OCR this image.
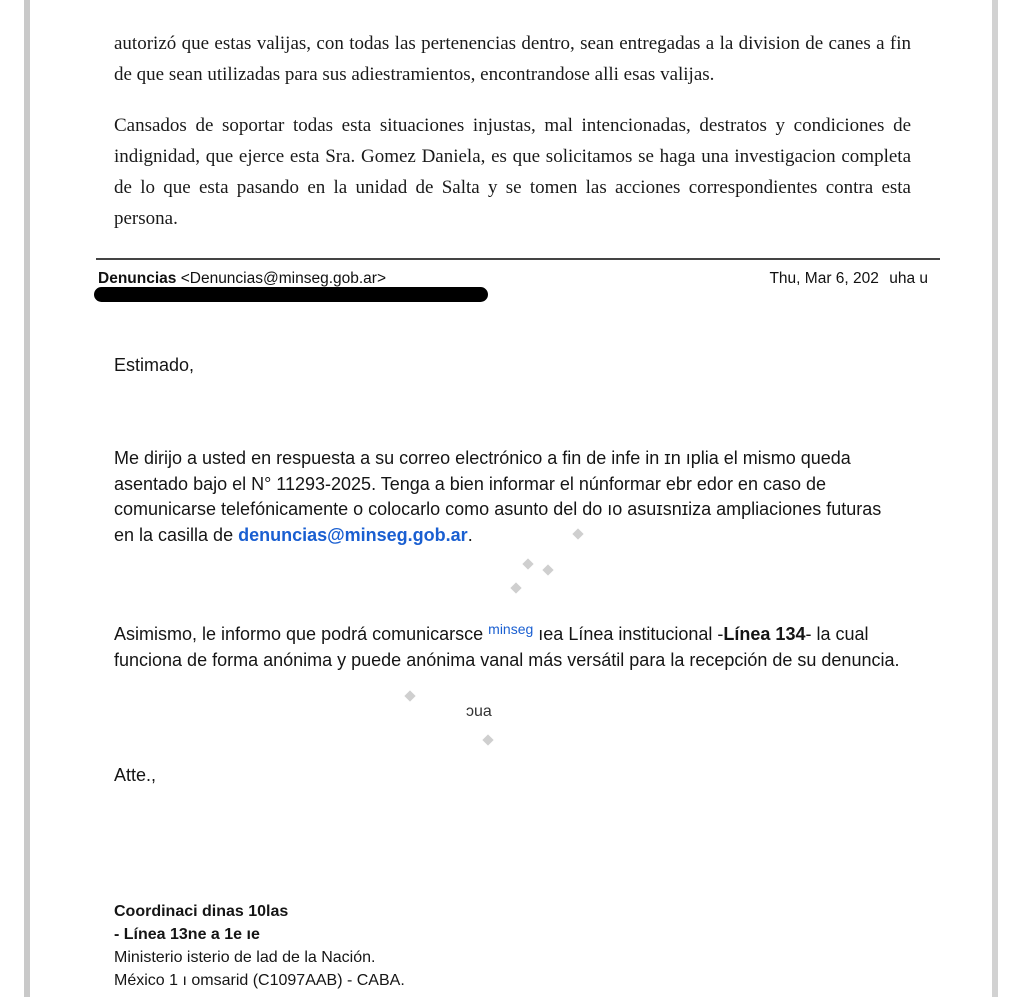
autorizó que estas valijas, con todas las pertenencias dentro, sean entregadas a la division de canes a fin de que sean utilizadas para sus adiestramientos, encontrandose alli esas valijas.

Cansados de soportar todas esta situaciones injustas, mal intencionadas, destratos y condiciones de indignidad, que ejerce esta Sra. Gomez Daniela, es que solicitamos se haga una investigacion completa de lo que esta pasando en la unidad de Salta y se tomen las acciones correspondientes contra esta persona.

Denuncias <Denuncias@minseg.gob.ar>	Thu, Mar 6, 202 uha u
Estimado,
Me dirijo a usted en respuesta a su correo electrónico a fin de infe in ɪn ıplia el mismo queda asentado bajo el N° 11293-2025. Tenga a bien informar el núnformar ebr edor en caso de comunicarse telefónicamente o colocarlo como asunto del do ıo asuɪsnɪiza ampliaciones futuras en la casilla de denuncias@minseg.gob.ar.
Asimismo, le informo que podrá comunicarsce $^{minseg}$ ıea Línea institucional -Línea 134- la cual funciona de forma anónima y puede anónima vanal más versátil para la recepción de su denuncia.
ɔua
Atte.,
Coordinaci dinas 10las
- Línea 13ne a 1e ıe
Ministerio isterio de lad de la Nación.
México 1 ı omsarid (C1097AAB) - CABA.
